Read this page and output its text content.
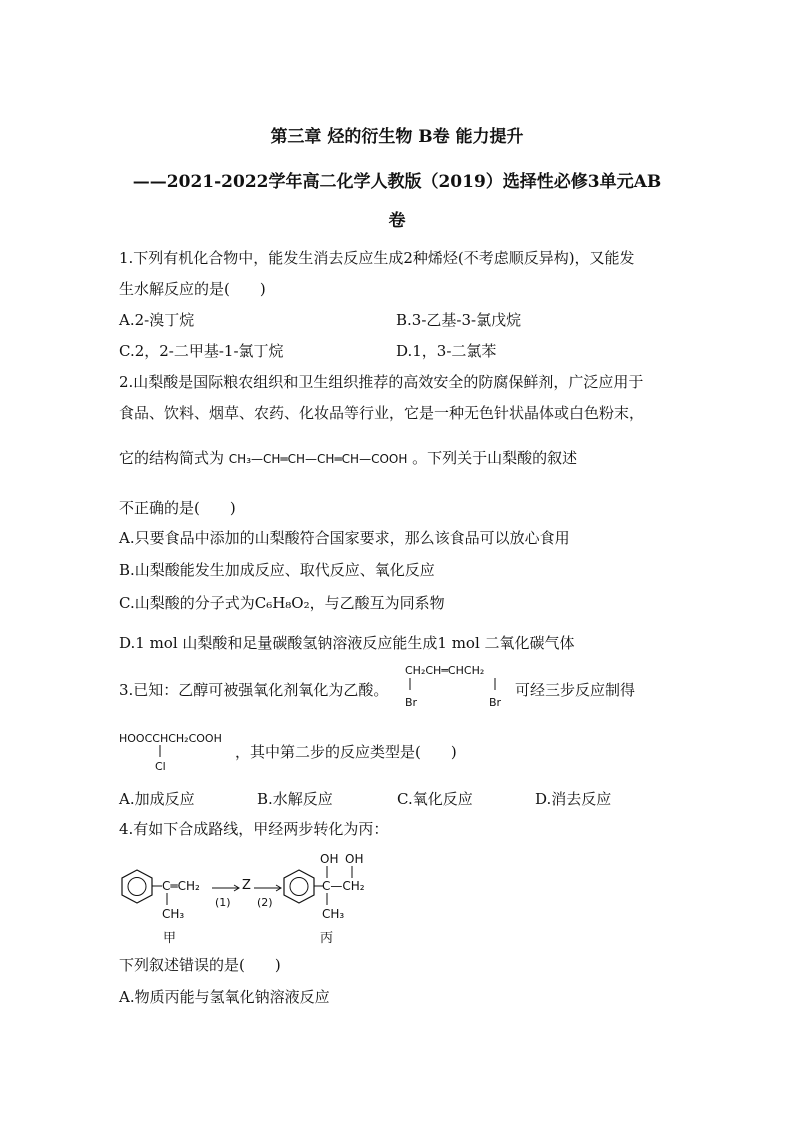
第三章 烃的衍生物 B卷 能力提升
——2021-2022学年高二化学人教版（2019）选择性必修3单元AB
卷
1.下列有机化合物中，能发生消去反应生成2种烯烃(不考虑顺反异构)，又能发
生水解反应的是(　　)
A.2-溴丁烷	B.3-乙基-3-氯戊烷
C.2，2-二甲基-1-氯丁烷	D.1，3-二氯苯
2.山梨酸是国际粮农组织和卫生组织推荐的高效安全的防腐保鲜剂，广泛应用于
食品、饮料、烟草、农药、化妆品等行业，它是一种无色针状晶体或白色粉末，
它的结构简式为 CH₃—CH═CH—CH═CH—COOH 。下列关于山梨酸的叙述
不正确的是(　　)
A.只要食品中添加的山梨酸符合国家要求，那么该食品可以放心食用
B.山梨酸能发生加成反应、取代反应、氧化反应
C.山梨酸的分子式为C₆H₈O₂，与乙酸互为同系物
D.1 mol 山梨酸和足量碳酸氢钠溶液反应能生成1 mol 二氧化碳气体
3.已知：乙醇可被强氧化剂氧化为乙酸。
CH₂CH═CHCH₂
Br	Br
可经三步反应制得
HOOCCHCH₂COOH
Cl
，其中第二步的反应类型是(　　)
A.加成反应	B.水解反应	C.氧化反应	D.消去反应
4.有如下合成路线，甲经两步转化为丙：
C═CH₂
CH₃
(1)
Z
(2)
OH OH
C—CH₂
CH₃
甲	丙
下列叙述错误的是(　　)
A.物质丙能与氢氧化钠溶液反应
